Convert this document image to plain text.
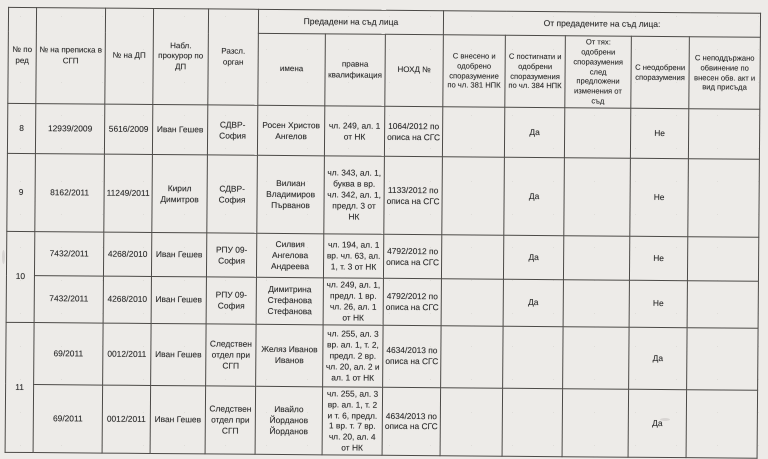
№ по ред	№ на преписка в СГП	№ на ДП	Набл. прокурор по ДП	Разсл. орган	Предадени на съд лица			От предадените на съд лица:				
					имена	правна квалификация	НОХД №	С внесено и одобрено споразумение по чл. 381 НПК	С постигнати и одобрени споразумения по чл. 384 НПК	От тях: одобрени споразумения след предложени изменения от съд	С неодобрени споразумения	С неподдържано обвинение по внесен обв. акт и вид присъда
8	12939/2009	5616/2009	Иван Гешев	СДВР-София	Росен Христов Ангелов	чл. 249, ал. 1 от НК	1064/2012 по описа на СГС		Да		Не	
9	8162/2011	11249/2011	Кирил Димитров	СДВР-София	Вилиан Владимиров Първанов	чл. 343, ал. 1, буква в вр. чл. 342, ал. 1, предл. 3 от НК	1133/2012 по описа на СГС		Да		Не	
10	7432/2011	4268/2010	Иван Гешев	РПУ 09-София	Силвия Ангелова Андреева	чл. 194, ал. 1 вр. чл. 63, ал. 1, т. 3 от НК	4792/2012 по описа на СГС		Да		Не	
	7432/2011	4268/2010	Иван Гешев	РПУ 09-София	Димитрина Стефанова Стефанова	чл. 249, ал. 1, предл. 1 вр. чл. 26, ал. 1 от НК	4792/2012 по описа на СГС		Да		Не	
11	69/2011	0012/2011	Иван Гешев	Следствен отдел при СГП	Желяз Иванов Иванов	чл. 255, ал. 3 вр. ал. 1, т. 2, предл. 2 вр. чл. 20, ал. 2 и ал. 1 от НК	4634/2013 по описа на СГС				Да	
	69/2011	0012/2011	Иван Гешев	Следствен отдел при СГП	Ивайло Йорданов Йорданов	чл. 255, ал. 3 вр. ал. 1, т. 2 и т. 6, предл. 1 вр. т. 7 вр. чл. 20, ал. 4 от НК	4634/2013 по описа на СГС				Да	
